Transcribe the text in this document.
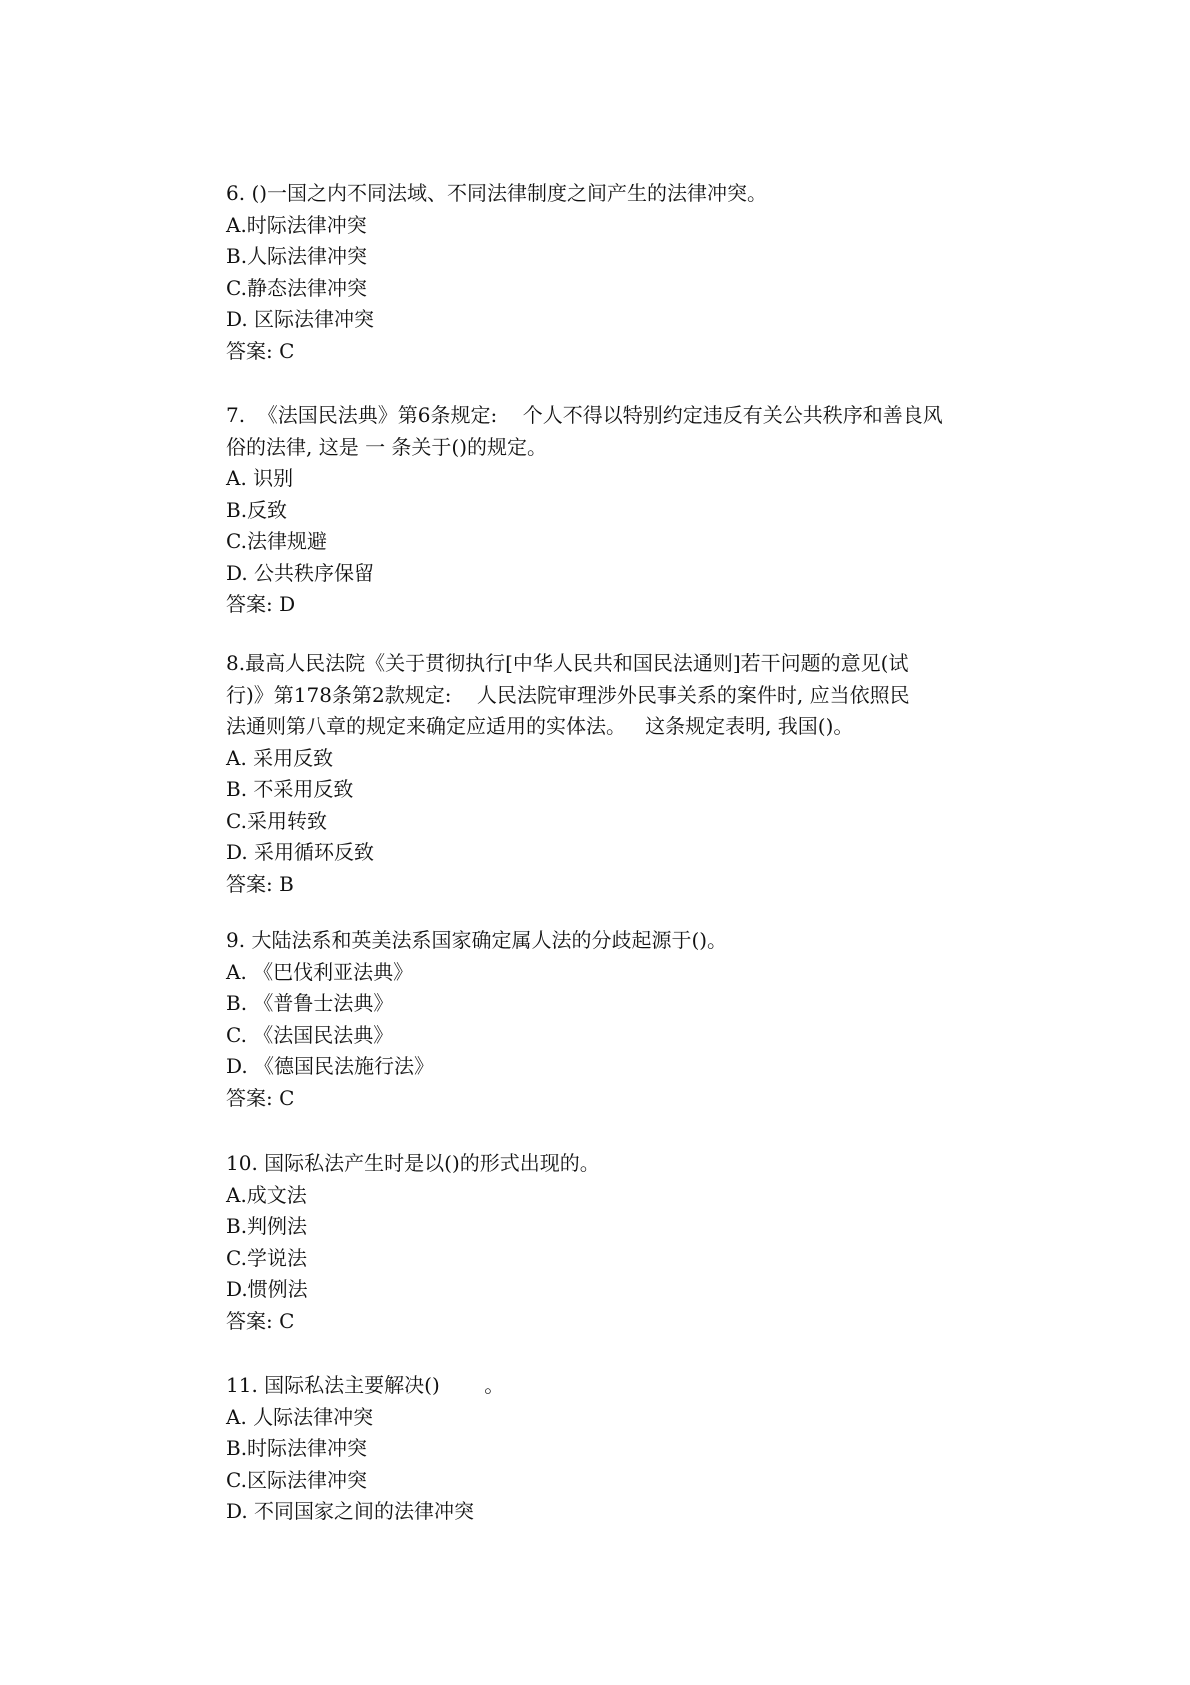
6. ()一国之内不同法域、不同法律制度之间产生的法律冲突。
A.时际法律冲突
B.人际法律冲突
C.静态法律冲突
D. 区际法律冲突
答案: C
7.  《法国民法典》第6条规定:    个人不得以特别约定违反有关公共秩序和善良风
俗的法律, 这是 一 条关于()的规定。
A. 识别
B.反致
C.法律规避
D. 公共秩序保留
答案: D
8.最高人民法院《关于贯彻执行[中华人民共和国民法通则]若干问题的意见(试
行)》第178条第2款规定:    人民法院审理涉外民事关系的案件时, 应当依照民
法通则第八章的规定来确定应适用的实体法。   这条规定表明, 我国()。
A. 采用反致
B. 不采用反致
C.采用转致
D. 采用循环反致
答案: B
9. 大陆法系和英美法系国家确定属人法的分歧起源于()。
A. 《巴伐利亚法典》
B. 《普鲁士法典》
C. 《法国民法典》
D. 《德国民法施行法》
答案: C
10. 国际私法产生时是以()的形式出现的。
A.成文法
B.判例法
C.学说法
D.惯例法
答案: C
11. 国际私法主要解决()       。
A. 人际法律冲突
B.时际法律冲突
C.区际法律冲突
D. 不同国家之间的法律冲突
